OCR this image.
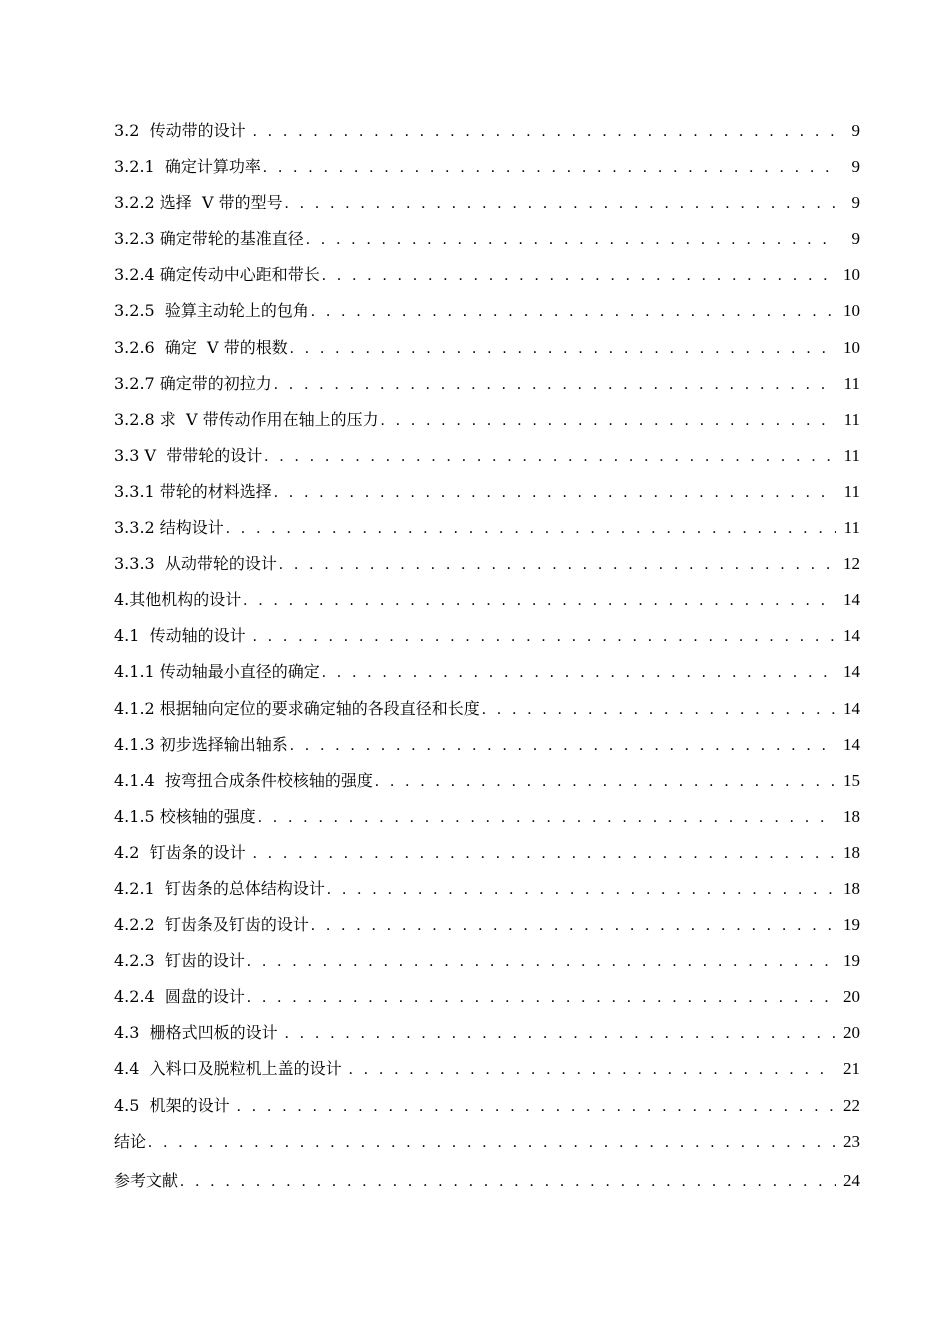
3.2  传动带的设计 . . .	9
3.2.1  确定计算功率 . . .	9
3.2.2 选择  V 带的型号 . . .	9
3.2.3 确定带轮的基准直径 . . .	9
3.2.4 确定传动中心距和带长 . . .	10
3.2.5  验算主动轮上的包角 . . .	10
3.2.6  确定  V 带的根数 . . .	10
3.2.7 确定带的初拉力 . . .	11
3.2.8 求  V 带传动作用在轴上的压力 . . .	11
3.3 V  带带轮的设计 . . .	11
3.3.1 带轮的材料选择 . . .	11
3.3.2 结构设计 . . .	11
3.3.3  从动带轮的设计 . . .	12
4.其他机构的设计 . . .	14
4.1  传动轴的设计 . . .	14
4.1.1 传动轴最小直径的确定 . . .	14
4.1.2 根据轴向定位的要求确定轴的各段直径和长度 . . .	14
4.1.3 初步选择输出轴系 . . .	14
4.1.4  按弯扭合成条件校核轴的强度 . . .	15
4.1.5 校核轴的强度 . . .	18
4.2  钉齿条的设计 . . .	18
4.2.1  钉齿条的总体结构设计 . . .	18
4.2.2  钉齿条及钉齿的设计 . . .	19
4.2.3  钉齿的设计 . . .	19
4.2.4  圆盘的设计 . . .	20
4.3  栅格式凹板的设计 . . .	20
4.4  入料口及脱粒机上盖的设计 . . .	21
4.5  机架的设计 . . .	22
结论 . . .	23
参考文献 . . .	24
